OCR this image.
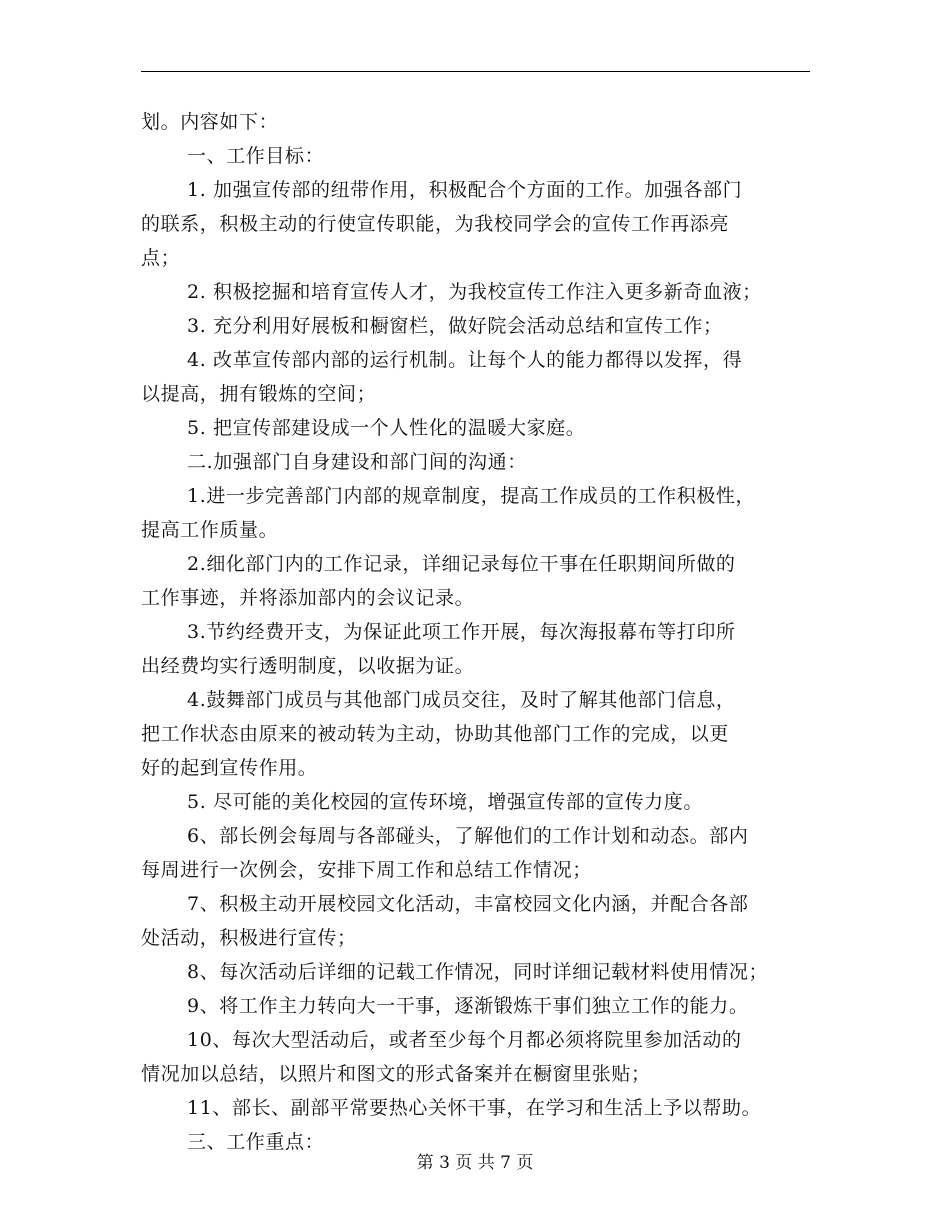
划。内容如下：
一、工作目标：
1. 加强宣传部的纽带作用，积极配合个方面的工作。加强各部门
的联系，积极主动的行使宣传职能，为我校同学会的宣传工作再添亮
点；
2. 积极挖掘和培育宣传人才，为我校宣传工作注入更多新奇血液；
3. 充分利用好展板和橱窗栏，做好院会活动总结和宣传工作；
4. 改革宣传部内部的运行机制。让每个人的能力都得以发挥，得
以提高，拥有锻炼的空间；
5. 把宣传部建设成一个人性化的温暖大家庭。
二.加强部门自身建设和部门间的沟通：
1.进一步完善部门内部的规章制度，提高工作成员的工作积极性，
提高工作质量。
2.细化部门内的工作记录，详细记录每位干事在任职期间所做的
工作事迹，并将添加部内的会议记录。
3.节约经费开支，为保证此项工作开展，每次海报幕布等打印所
出经费均实行透明制度，以收据为证。
4.鼓舞部门成员与其他部门成员交往，及时了解其他部门信息，
把工作状态由原来的被动转为主动，协助其他部门工作的完成，以更
好的起到宣传作用。
5. 尽可能的美化校园的宣传环境，增强宣传部的宣传力度。
6、部长例会每周与各部碰头，了解他们的工作计划和动态。部内
每周进行一次例会，安排下周工作和总结工作情况；
7、积极主动开展校园文化活动，丰富校园文化内涵，并配合各部
处活动，积极进行宣传；
8、每次活动后详细的记载工作情况，同时详细记载材料使用情况；
9、将工作主力转向大一干事，逐渐锻炼干事们独立工作的能力。
10、每次大型活动后，或者至少每个月都必须将院里参加活动的
情况加以总结，以照片和图文的形式备案并在橱窗里张贴；
11、部长、副部平常要热心关怀干事，在学习和生活上予以帮助。
三、工作重点：
第 3 页 共 7 页
